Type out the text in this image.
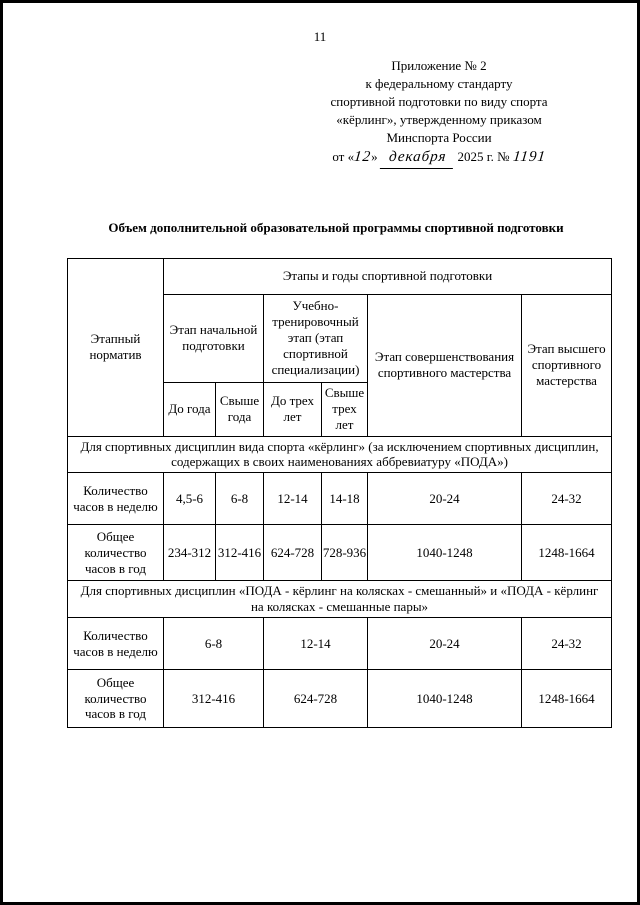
11
Приложение № 2
к федеральному стандарту
спортивной подготовки по виду спорта
«кёрлинг», утвержденному приказом
Минспорта России
от «12» декабря 2025 г. № 1191
Объем дополнительной образовательной программы спортивной подготовки
Этапный норматив	Этапы и годы спортивной подготовки					
	Этап начальной подготовки		Учебно-тренировочный этап (этап спортивной специализации)		Этап совершенствования спортивного мастерства	Этап высшего спортивного мастерства
	До года	Свыше года	До трех лет	Свыше трех лет		
Для спортивных дисциплин вида спорта «кёрлинг» (за исключением спортивных дисциплин, содержащих в своих наименованиях аббревиатуру «ПОДА»)						
Количество часов в неделю	4,5-6	6-8	12-14	14-18	20-24	24-32
Общее количество часов в год	234-312	312-416	624-728	728-936	1040-1248	1248-1664
Для спортивных дисциплин «ПОДА - кёрлинг на колясках - смешанный» и «ПОДА - кёрлинг на колясках - смешанные пары»						
Количество часов в неделю	6-8		12-14		20-24	24-32
Общее количество часов в год	312-416		624-728		1040-1248	1248-1664
